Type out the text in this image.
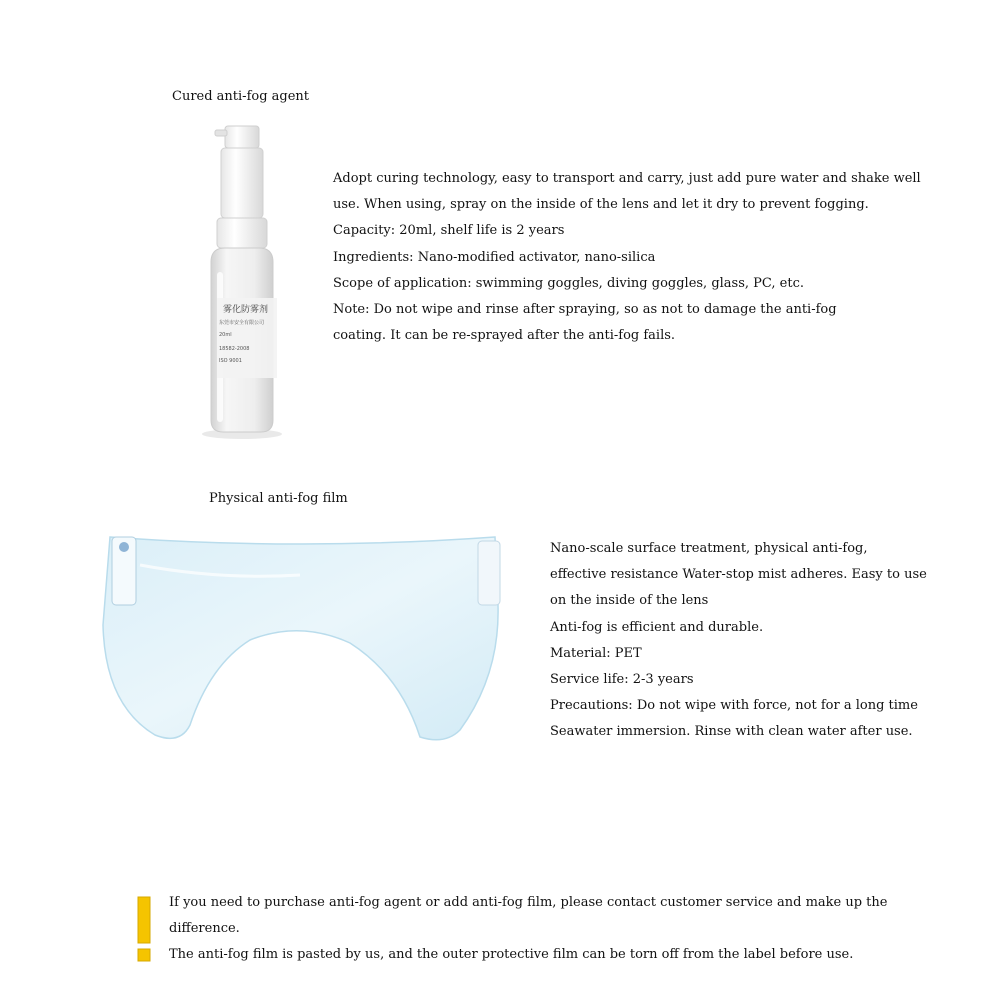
Cured anti-fog agent
雾化防雾剂
东莞市安全有限公司
20ml
18582-2008
ISO 9001
Adopt curing technology, easy to transport and carry, just add pure water and shake well
use. When using, spray on the inside of the lens and let it dry to prevent fogging.
Capacity: 20ml, shelf life is 2 years
Ingredients: Nano-modified activator, nano-silica
Scope of application: swimming goggles, diving goggles, glass, PC, etc.
Note: Do not wipe and rinse after spraying, so as not to damage the anti-fog
coating. It can be re-sprayed after the anti-fog fails.
Physical anti-fog film
Nano-scale surface treatment, physical anti-fog,
effective resistance Water-stop mist adheres. Easy to use
on the inside of the lens
Anti-fog is efficient and durable.
Material: PET
Service life: 2-3 years
Precautions: Do not wipe with force, not for a long time
Seawater immersion. Rinse with clean water after use.
If you need to purchase anti-fog agent or add anti-fog film, please contact customer service and make up the
difference.
The anti-fog film is pasted by us, and the outer protective film can be torn off from the label before use.
